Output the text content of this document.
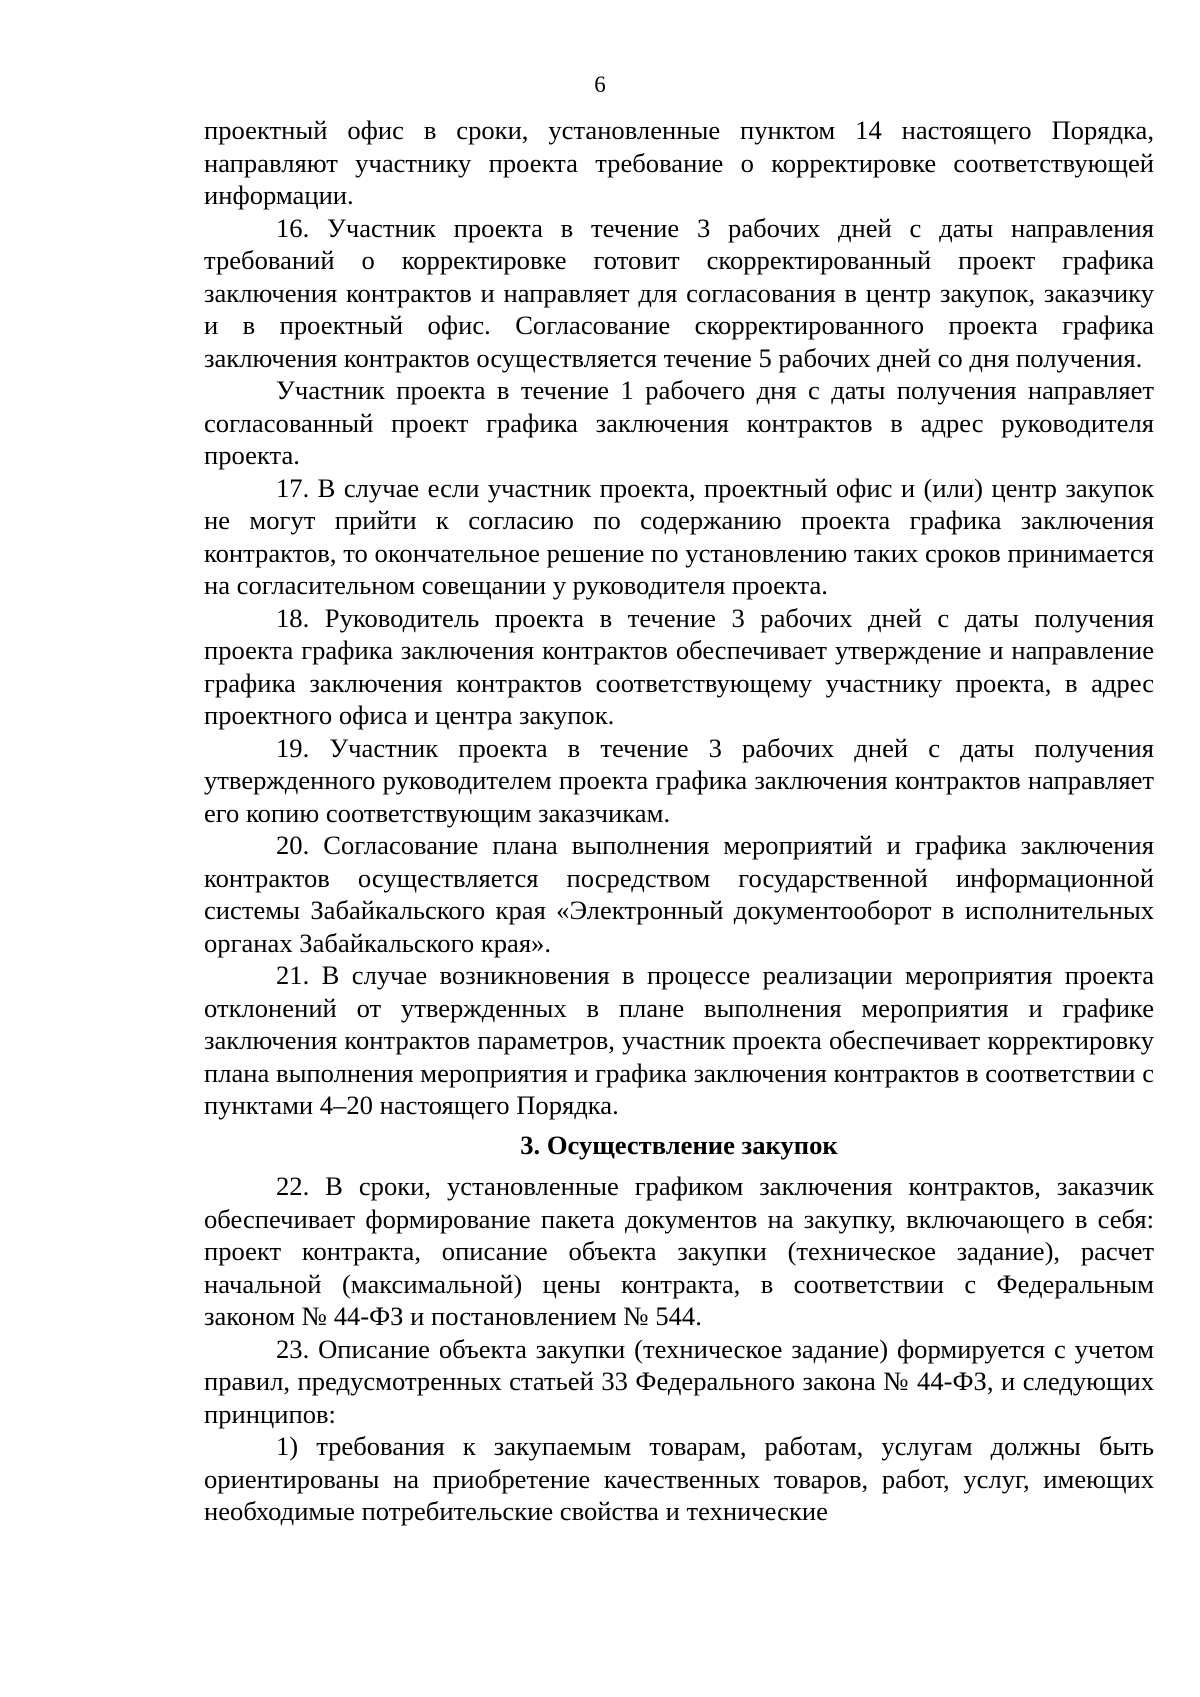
6

проектный офис в сроки, установленные пунктом 14 настоящего Порядка, направляют участнику проекта требование о корректировке соответствующей информации.

16. Участник проекта в течение 3 рабочих дней с даты направления требований о корректировке готовит скорректированный проект графика заключения контрактов и направляет для согласования в центр закупок, заказчику и в проектный офис. Согласование скорректированного проекта графика заключения контрактов осуществляется течение 5 рабочих дней со дня получения.

Участник проекта в течение 1 рабочего дня с даты получения направляет согласованный проект графика заключения контрактов в адрес руководителя проекта.

17. В случае если участник проекта, проектный офис и (или) центр закупок не могут прийти к согласию по содержанию проекта графика заключения контрактов, то окончательное решение по установлению таких сроков принимается на согласительном совещании у руководителя проекта.

18. Руководитель проекта в течение 3 рабочих дней с даты получения проекта графика заключения контрактов обеспечивает утверждение и направление графика заключения контрактов соответствующему участнику проекта, в адрес проектного офиса и центра закупок.

19. Участник проекта в течение 3 рабочих дней с даты получения утвержденного руководителем проекта графика заключения контрактов направляет его копию соответствующим заказчикам.

20. Согласование плана выполнения мероприятий и графика заключения контрактов осуществляется посредством государственной информационной системы Забайкальского края «Электронный документооборот в исполнительных органах Забайкальского края».

21. В случае возникновения в процессе реализации мероприятия проекта отклонений от утвержденных в плане выполнения мероприятия и графике заключения контрактов параметров, участник проекта обеспечивает корректировку плана выполнения мероприятия и графика заключения контрактов в соответствии с пунктами 4–20 настоящего Порядка.

3. Осуществление закупок

22. В сроки, установленные графиком заключения контрактов, заказчик обеспечивает формирование пакета документов на закупку, включающего в себя: проект контракта, описание объекта закупки (техническое задание), расчет начальной (максимальной) цены контракта, в соответствии с Федеральным законом № 44-ФЗ и постановлением № 544.

23. Описание объекта закупки (техническое задание) формируется с учетом правил, предусмотренных статьей 33 Федерального закона № 44-ФЗ, и следующих принципов:

1) требования к закупаемым товарам, работам, услугам должны быть ориентированы на приобретение качественных товаров, работ, услуг, имеющих необходимые потребительские свойства и технические
